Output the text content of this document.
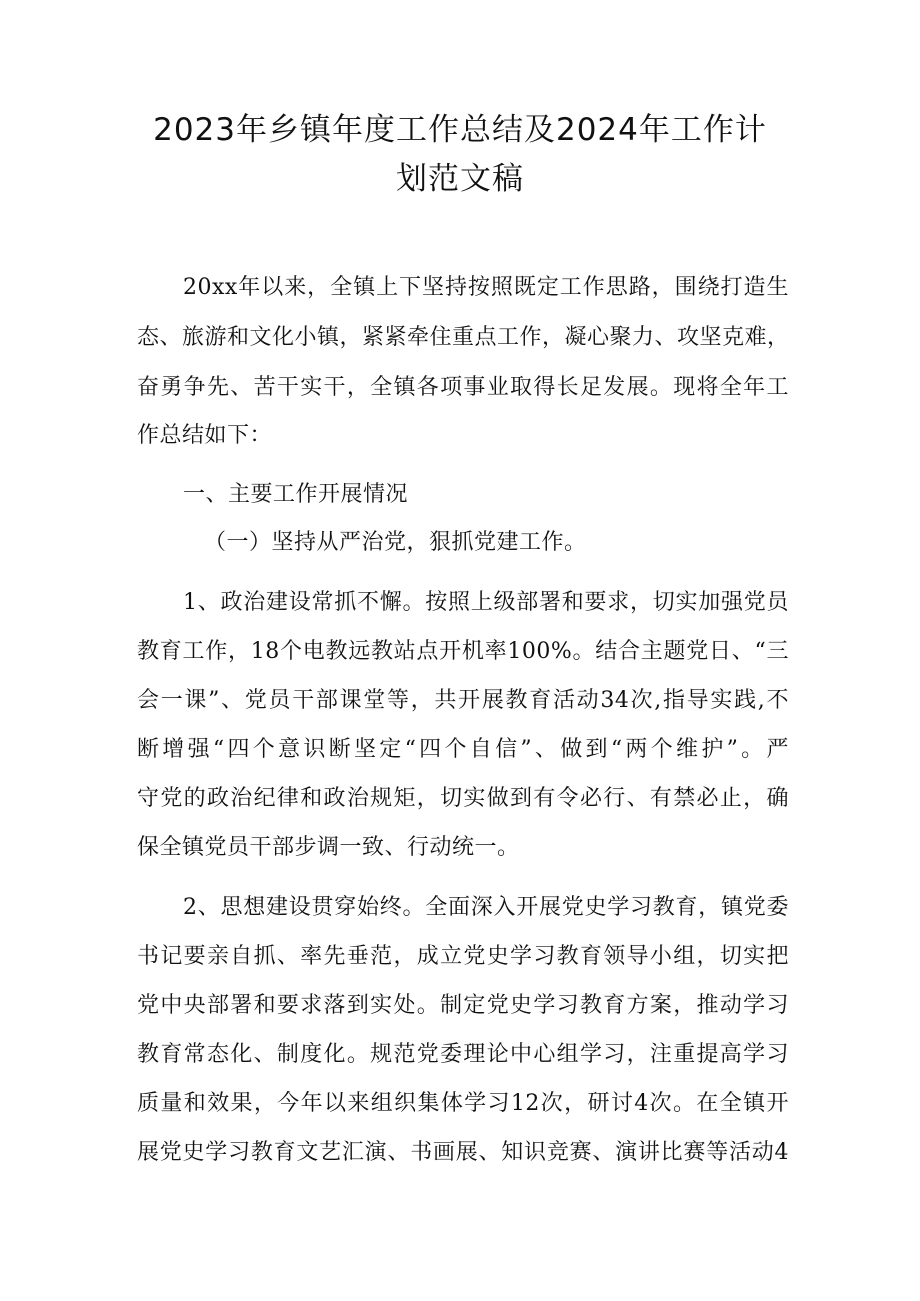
2023年乡镇年度工作总结及2024年工作计
划范文稿
20xx年以来，全镇上下坚持按照既定工作思路，围绕打造生
态、旅游和文化小镇，紧紧牵住重点工作，凝心聚力、攻坚克难，
奋勇争先、苦干实干，全镇各项事业取得长足发展。现将全年工
作总结如下：
一、主要工作开展情况
（一）坚持从严治党，狠抓党建工作。
1、政治建设常抓不懈。按照上级部署和要求，切实加强党员
教育工作，18个电教远教站点开机率100%。结合主题党日、“三
会一课”、党员干部课堂等，共开展教育活动34次,指导实践,不
断增强“四个意识断坚定“四个自信”、做到“两个维护”。严
守党的政治纪律和政治规矩，切实做到有令必行、有禁必止，确
保全镇党员干部步调一致、行动统一。
2、思想建设贯穿始终。全面深入开展党史学习教育，镇党委
书记要亲自抓、率先垂范，成立党史学习教育领导小组，切实把
党中央部署和要求落到实处。制定党史学习教育方案，推动学习
教育常态化、制度化。规范党委理论中心组学习，注重提高学习
质量和效果，今年以来组织集体学习12次，研讨4次。在全镇开
展党史学习教育文艺汇演、书画展、知识竞赛、演讲比赛等活动4
